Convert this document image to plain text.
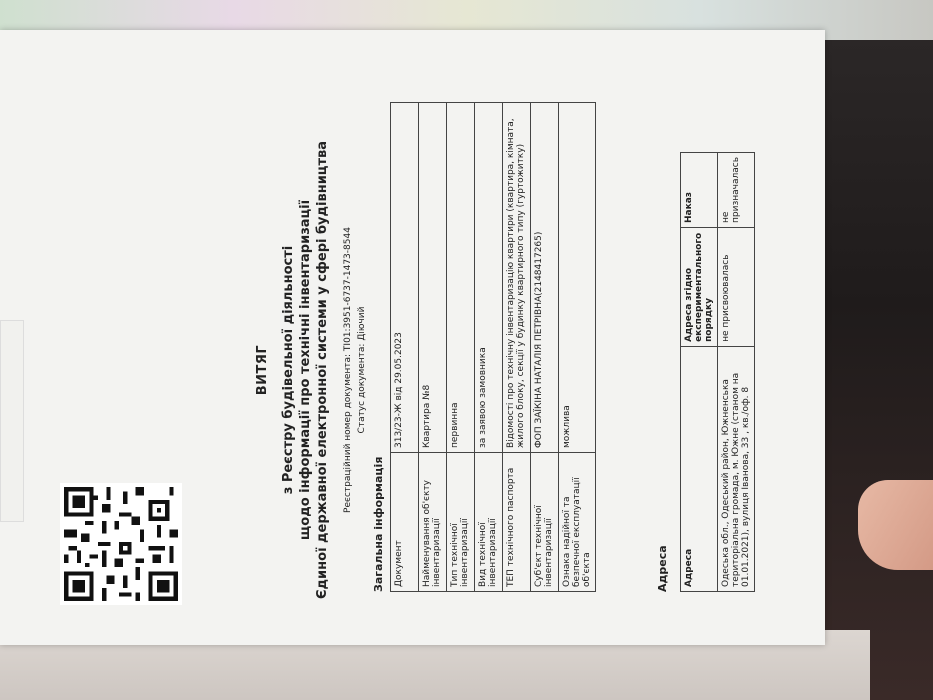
ВИТЯГ з Реєстру будівельної діяльності щодо інформації про технічні інвентаризації Єдиної державної електронної системи у сфері будівництва Реєстраційний номер документа: ТІ01:3951-6737-1473-8544 Статус документа: Діючий
Загальна інформація Документ	313/23-Ж від 29.05.2023
Найменування об'єкту інвентаризації	Квартира №8
Тип технічної інвентаризації	первинна
Вид технічної інвентаризації	за заявою замовника
ТЕП технічного паспорта	Відомості про технічну інвентаризацію квартири (квартира, кімната, жилого блоку, секції у будинку квартирного типу (гуртожитку)
Суб'єкт технічної інвентаризації	ФОП ЗАЇКІНА НАТАЛІЯ ПЕТРІВНА(2148417265)
Ознака надійної та безпечної експлуатації об'єкта	можлива
Адреса Адреса	Адреса згідно експериментального порядку	Наказ
Одеська обл., Одеський район, Южненська територіальна громада, м. Южне (станом на 01.01.2021), вулиця Іванова, 33 , кв./оф. 8	не присвоювалась	не призначалась
